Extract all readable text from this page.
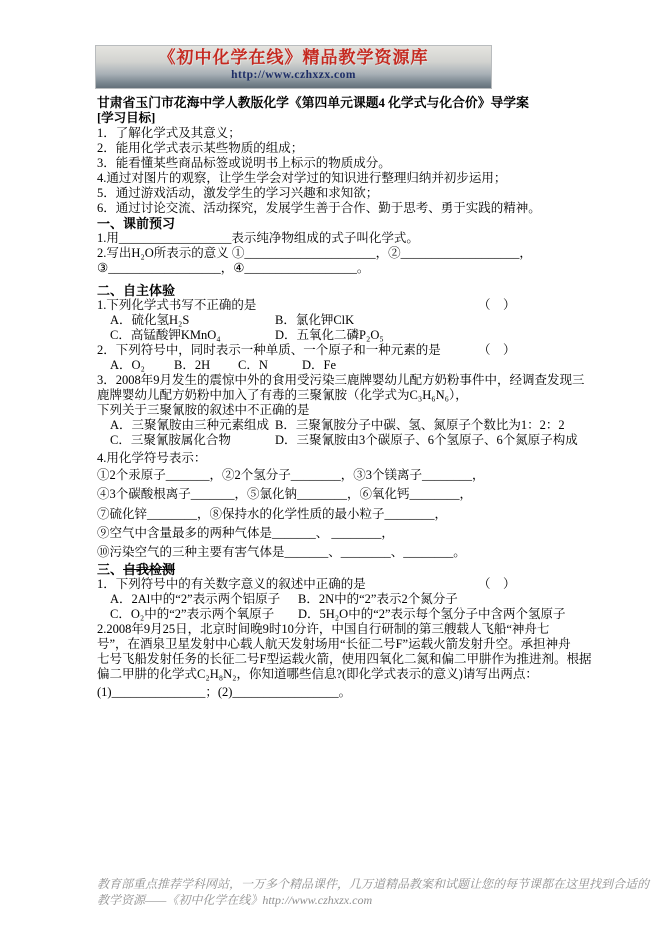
《初中化学在线》精品教学资源库
http://www.czhxzx.com
甘肃省玉门市花海中学人教版化学《第四单元课题4 化学式与化合价》导学案
[学习目标]
1．了解化学式及其意义；
2．能用化学式表示某些物质的组成；
3．能看懂某些商品标签或说明书上标示的物质成分。
4.通过对图片的观察，让学生学会对学过的知识进行整理归纳并初步运用；
5．通过游戏活动，激发学生的学习兴趣和求知欲；
6．通过讨论交流、活动探究，发展学生善于合作、勤于思考、勇于实践的精神。
一、课前预习
1.用__________________表示纯净物组成的式子叫化学式。
2.写出H₂O所表示的意义 ①_____________________，②___________________，
③__________________，④__________________。
二、自主体验
1.下列化学式书写不正确的是	（　）
A．硫化氢H₂S	B．氯化钾ClK
C．高锰酸钾KMnO₄	D．五氧化二磷P₂O₅
2．下列符号中，同时表示一种单质、一个原子和一种元素的是	（　）
A．O₂ B．2H C．N	D．Fe
3．2008年9月发生的震惊中外的食用受污染三鹿牌婴幼儿配方奶粉事件中，经调查发现三
鹿牌婴幼儿配方奶粉中加入了有毒的三聚氰胺（化学式为C₃H₆N₆），
下列关于三聚氰胺的叙述中不正确的是
A．三聚氰胺由三种元素组成 B．三聚氰胺分子中碳、氢、氮原子个数比为1：2：2
C．三聚氰胺属化合物	D．三聚氰胺由3个碳原子、6个氢原子、6个氮原子构成
4.用化学符号表示：
①2个汞原子_______，②2个氢分子________，③3个镁离子________，
④3个碳酸根离子_______，⑤氯化钠________，⑥氧化钙________，
⑦硫化锌________，⑧保持水的化学性质的最小粒子________，
⑨空气中含量最多的两种气体是_______、 ________，
⑩污染空气的三种主要有害气体是_______、________、________。
三、自我检测
1．下列符号中的有关数字意义的叙述中正确的是	（　）
A．2Al中的“2”表示两个铝原子 B．2N中的“2”表示2个氮分子
C．O₂中的“2”表示两个氧原子 D．5H₂O中的“2”表示每个氢分子中含两个氢原子
2.2008年9月25日，北京时间晚9时10分许，中国自行研制的第三艘载人飞船“神舟七
号”，在酒泉卫星发射中心载人航天发射场用“长征二号F”运载火箭发射升空。承担神舟
七号飞船发射任务的长征二号F型运载火箭，使用四氧化二氮和偏二甲肼作为推进剂。根据
偏二甲肼的化学式C₂H₈N₂，你知道哪些信息?(即化学式表示的意义)请写出两点：
(1)_______________；(2)_________________。
教育部重点推荐学科网站，一万多个精品课件，几万道精品教案和试题让您的每节课都在这里找到合适的
教学资源——《初中化学在线》http://www.czhxzx.com
